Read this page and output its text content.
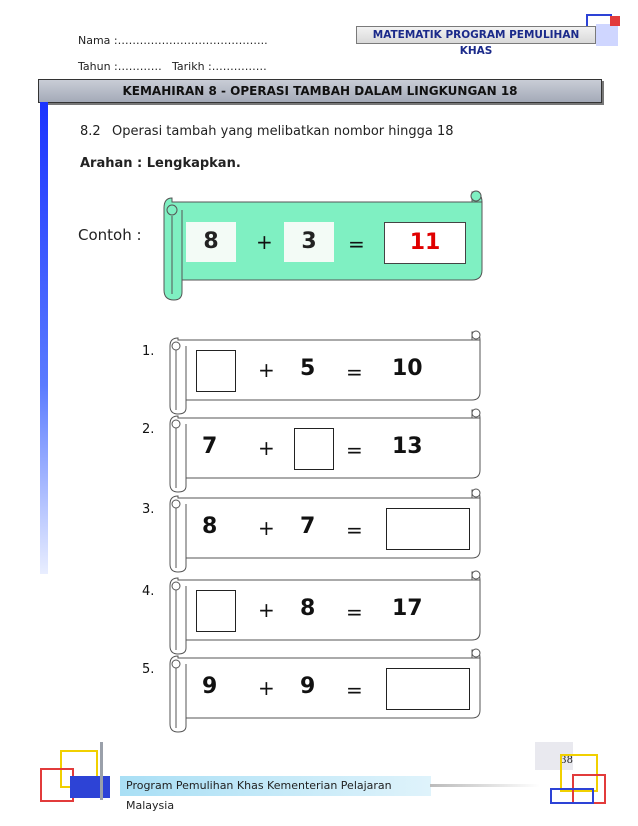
Nama :…………………………………..
Tahun :………… Tarikh :……………
MATEMATIK PROGRAM PEMULIHAN KHAS
KEMAHIRAN 8 - OPERASI TAMBAH DALAM LINGKUNGAN 18
8.2 Operasi tambah yang melibatkan nombor hingga 18
Arahan : Lengkapkan.
Contoh :	8	+	3	=	11
1.
+ 5 = 10
2.
7 +	= 13
3.
8 + 7 =
4.
+ 8 = 17
5.
9 + 9 =
Program Pemulihan Khas Kementerian Pelajaran Malaysia
38
